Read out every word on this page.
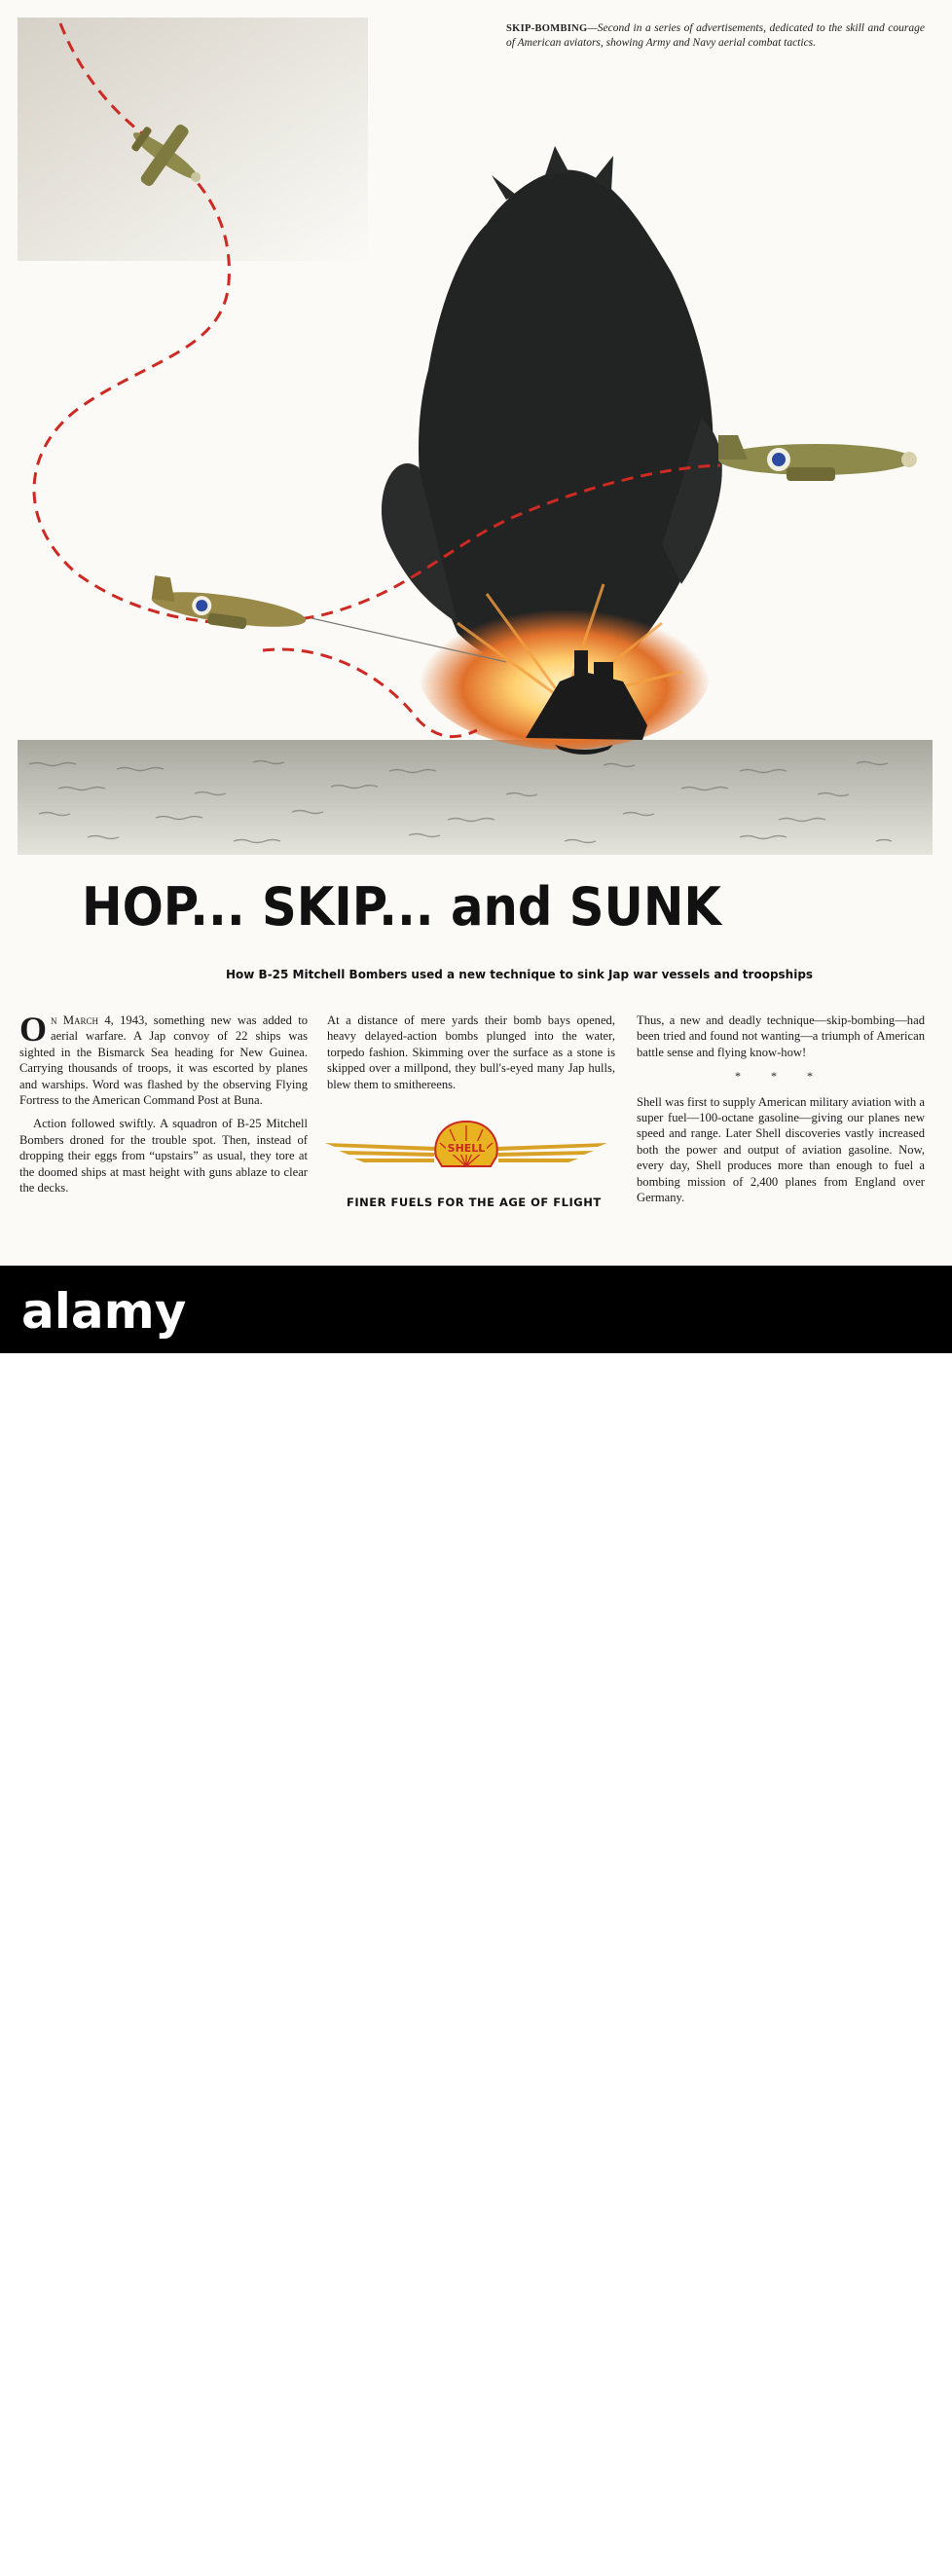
SKIP-BOMBING—Second in a series of advertisements, dedicated to the skill and courage of American aviators, showing Army and Navy aerial combat tactics.
HOP... SKIP... and SUNK
How B-25 Mitchell Bombers used a new technique to sink Jap war vessels and troopships

On March 4, 1943, something new was added to aerial warfare. A Jap convoy of 22 ships was sighted in the Bismarck Sea heading for New Guinea. Carrying thousands of troops, it was escorted by planes and warships. Word was flashed by the observing Flying Fortress to the American Command Post at Buna.

Action followed swiftly. A squadron of B-25 Mitchell Bombers droned for the trouble spot. Then, instead of dropping their eggs from “upstairs” as usual, they tore at the doomed ships at mast height with guns ablaze to clear the decks.

At a distance of mere yards their bomb bays opened, heavy delayed-action bombs plunged into the water, torpedo fashion. Skimming over the surface as a stone is skipped over a millpond, they bull's-eyed many Jap hulls, blew them to smithereens.

Thus, a new and deadly technique—skip-bombing—had been tried and found not wanting—a triumph of American battle sense and flying know-how!

* * *

Shell was first to supply American military aviation with a super fuel—100-octane gasoline—giving our planes new speed and range. Later Shell discoveries vastly increased both the power and output of aviation gasoline. Now, every day, Shell produces more than enough to fuel a bombing mission of 2,400 planes from England over Germany.

SHELL
FINER FUELS FOR THE AGE OF FLIGHT
alamy
Image ID: 2WFRMK0
www.alamy.com
